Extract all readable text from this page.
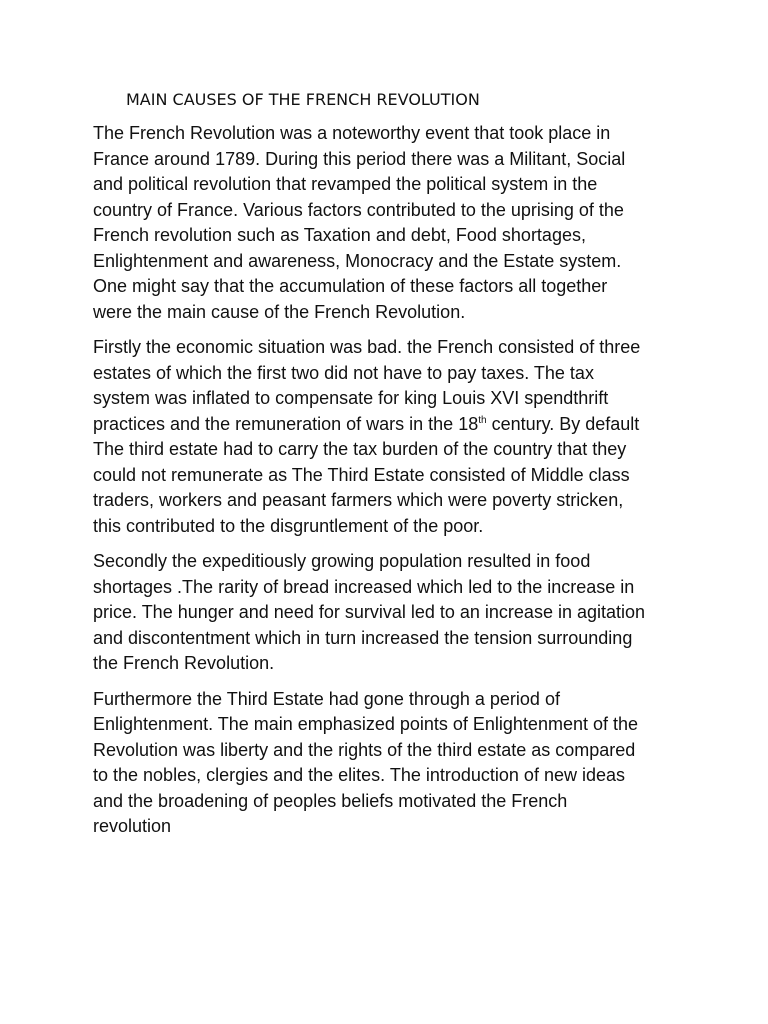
MAIN CAUSES OF THE FRENCH REVOLUTION

The French Revolution was a noteworthy event that took place in
France around 1789. During this period there was a Militant, Social
and political revolution that revamped the political system in the
country of France. Various factors contributed to the uprising of the
French revolution such as Taxation and debt, Food shortages,
Enlightenment and awareness, Monocracy and the Estate system.
One might say that the accumulation of these factors all together
were the main cause of the French Revolution.

Firstly the economic situation was bad. the French consisted of three
estates of which the first two did not have to pay taxes. The tax
system was inflated to compensate for king Louis XVI spendthrift
practices and the remuneration of wars in the 18th century. By default
The third estate had to carry the tax burden of the country that they
could not remunerate as The Third Estate consisted of Middle class
traders, workers and peasant farmers which were poverty stricken,
this contributed to the disgruntlement of the poor.

Secondly the expeditiously growing population resulted in food
shortages .The rarity of bread increased which led to the increase in
price. The hunger and need for survival led to an increase in agitation
and discontentment which in turn increased the tension surrounding
the French Revolution.

Furthermore the Third Estate had gone through a period of
Enlightenment. The main emphasized points of Enlightenment of the
Revolution was liberty and the rights of the third estate as compared
to the nobles, clergies and the elites. The introduction of new ideas
and the broadening of peoples beliefs motivated the French
revolution
